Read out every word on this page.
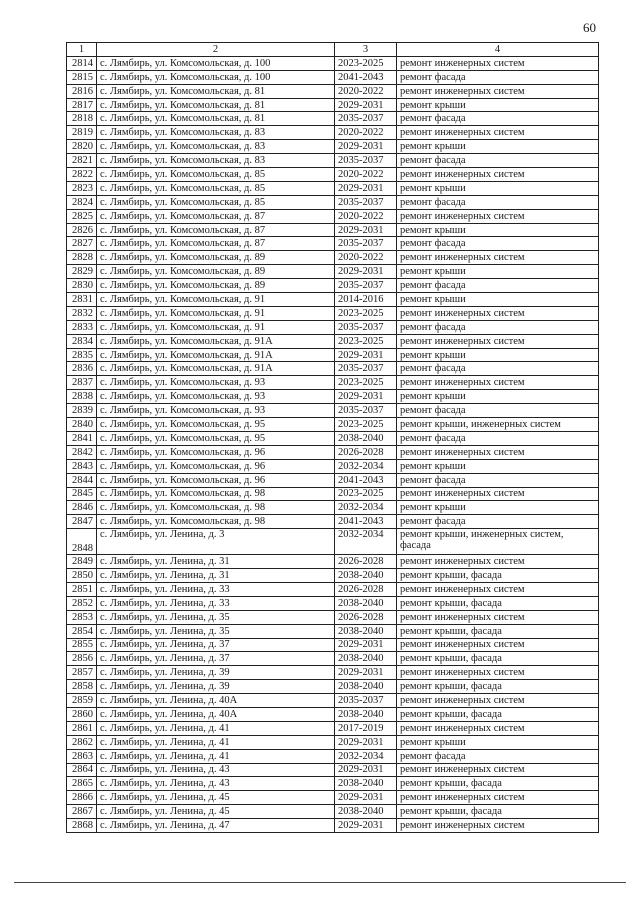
60
1	2	3	4
2814	с. Лямбирь, ул. Комсомольская, д. 100	2023-2025	ремонт инженерных систем
2815	с. Лямбирь, ул. Комсомольская, д. 100	2041-2043	ремонт фасада
2816	с. Лямбирь, ул. Комсомольская, д. 81	2020-2022	ремонт инженерных систем
2817	с. Лямбирь, ул. Комсомольская, д. 81	2029-2031	ремонт крыши
2818	с. Лямбирь, ул. Комсомольская, д. 81	2035-2037	ремонт фасада
2819	с. Лямбирь, ул. Комсомольская, д. 83	2020-2022	ремонт инженерных систем
2820	с. Лямбирь, ул. Комсомольская, д. 83	2029-2031	ремонт крыши
2821	с. Лямбирь, ул. Комсомольская, д. 83	2035-2037	ремонт фасада
2822	с. Лямбирь, ул. Комсомольская, д. 85	2020-2022	ремонт инженерных систем
2823	с. Лямбирь, ул. Комсомольская, д. 85	2029-2031	ремонт крыши
2824	с. Лямбирь, ул. Комсомольская, д. 85	2035-2037	ремонт фасада
2825	с. Лямбирь, ул. Комсомольская, д. 87	2020-2022	ремонт инженерных систем
2826	с. Лямбирь, ул. Комсомольская, д. 87	2029-2031	ремонт крыши
2827	с. Лямбирь, ул. Комсомольская, д. 87	2035-2037	ремонт фасада
2828	с. Лямбирь, ул. Комсомольская, д. 89	2020-2022	ремонт инженерных систем
2829	с. Лямбирь, ул. Комсомольская, д. 89	2029-2031	ремонт крыши
2830	с. Лямбирь, ул. Комсомольская, д. 89	2035-2037	ремонт фасада
2831	с. Лямбирь, ул. Комсомольская, д. 91	2014-2016	ремонт крыши
2832	с. Лямбирь, ул. Комсомольская, д. 91	2023-2025	ремонт инженерных систем
2833	с. Лямбирь, ул. Комсомольская, д. 91	2035-2037	ремонт фасада
2834	с. Лямбирь, ул. Комсомольская, д. 91А	2023-2025	ремонт инженерных систем
2835	с. Лямбирь, ул. Комсомольская, д. 91А	2029-2031	ремонт крыши
2836	с. Лямбирь, ул. Комсомольская, д. 91А	2035-2037	ремонт фасада
2837	с. Лямбирь, ул. Комсомольская, д. 93	2023-2025	ремонт инженерных систем
2838	с. Лямбирь, ул. Комсомольская, д. 93	2029-2031	ремонт крыши
2839	с. Лямбирь, ул. Комсомольская, д. 93	2035-2037	ремонт фасада
2840	с. Лямбирь, ул. Комсомольская, д. 95	2023-2025	ремонт крыши, инженерных систем
2841	с. Лямбирь, ул. Комсомольская, д. 95	2038-2040	ремонт фасада
2842	с. Лямбирь, ул. Комсомольская, д. 96	2026-2028	ремонт инженерных систем
2843	с. Лямбирь, ул. Комсомольская, д. 96	2032-2034	ремонт крыши
2844	с. Лямбирь, ул. Комсомольская, д. 96	2041-2043	ремонт фасада
2845	с. Лямбирь, ул. Комсомольская, д. 98	2023-2025	ремонт инженерных систем
2846	с. Лямбирь, ул. Комсомольская, д. 98	2032-2034	ремонт крыши
2847	с. Лямбирь, ул. Комсомольская, д. 98	2041-2043	ремонт фасада
2848	с. Лямбирь, ул. Ленина, д. 3	2032-2034	ремонт крыши, инженерных систем, фасада
2849	с. Лямбирь, ул. Ленина, д. 31	2026-2028	ремонт инженерных систем
2850	с. Лямбирь, ул. Ленина, д. 31	2038-2040	ремонт крыши, фасада
2851	с. Лямбирь, ул. Ленина, д. 33	2026-2028	ремонт инженерных систем
2852	с. Лямбирь, ул. Ленина, д. 33	2038-2040	ремонт крыши, фасада
2853	с. Лямбирь, ул. Ленина, д. 35	2026-2028	ремонт инженерных систем
2854	с. Лямбирь, ул. Ленина, д. 35	2038-2040	ремонт крыши, фасада
2855	с. Лямбирь, ул. Ленина, д. 37	2029-2031	ремонт инженерных систем
2856	с. Лямбирь, ул. Ленина, д. 37	2038-2040	ремонт крыши, фасада
2857	с. Лямбирь, ул. Ленина, д. 39	2029-2031	ремонт инженерных систем
2858	с. Лямбирь, ул. Ленина, д. 39	2038-2040	ремонт крыши, фасада
2859	с. Лямбирь, ул. Ленина, д. 40А	2035-2037	ремонт инженерных систем
2860	с. Лямбирь, ул. Ленина, д. 40А	2038-2040	ремонт крыши, фасада
2861	с. Лямбирь, ул. Ленина, д. 41	2017-2019	ремонт инженерных систем
2862	с. Лямбирь, ул. Ленина, д. 41	2029-2031	ремонт крыши
2863	с. Лямбирь, ул. Ленина, д. 41	2032-2034	ремонт фасада
2864	с. Лямбирь, ул. Ленина, д. 43	2029-2031	ремонт инженерных систем
2865	с. Лямбирь, ул. Ленина, д. 43	2038-2040	ремонт крыши, фасада
2866	с. Лямбирь, ул. Ленина, д. 45	2029-2031	ремонт инженерных систем
2867	с. Лямбирь, ул. Ленина, д. 45	2038-2040	ремонт крыши, фасада
2868	с. Лямбирь, ул. Ленина, д. 47	2029-2031	ремонт инженерных систем
